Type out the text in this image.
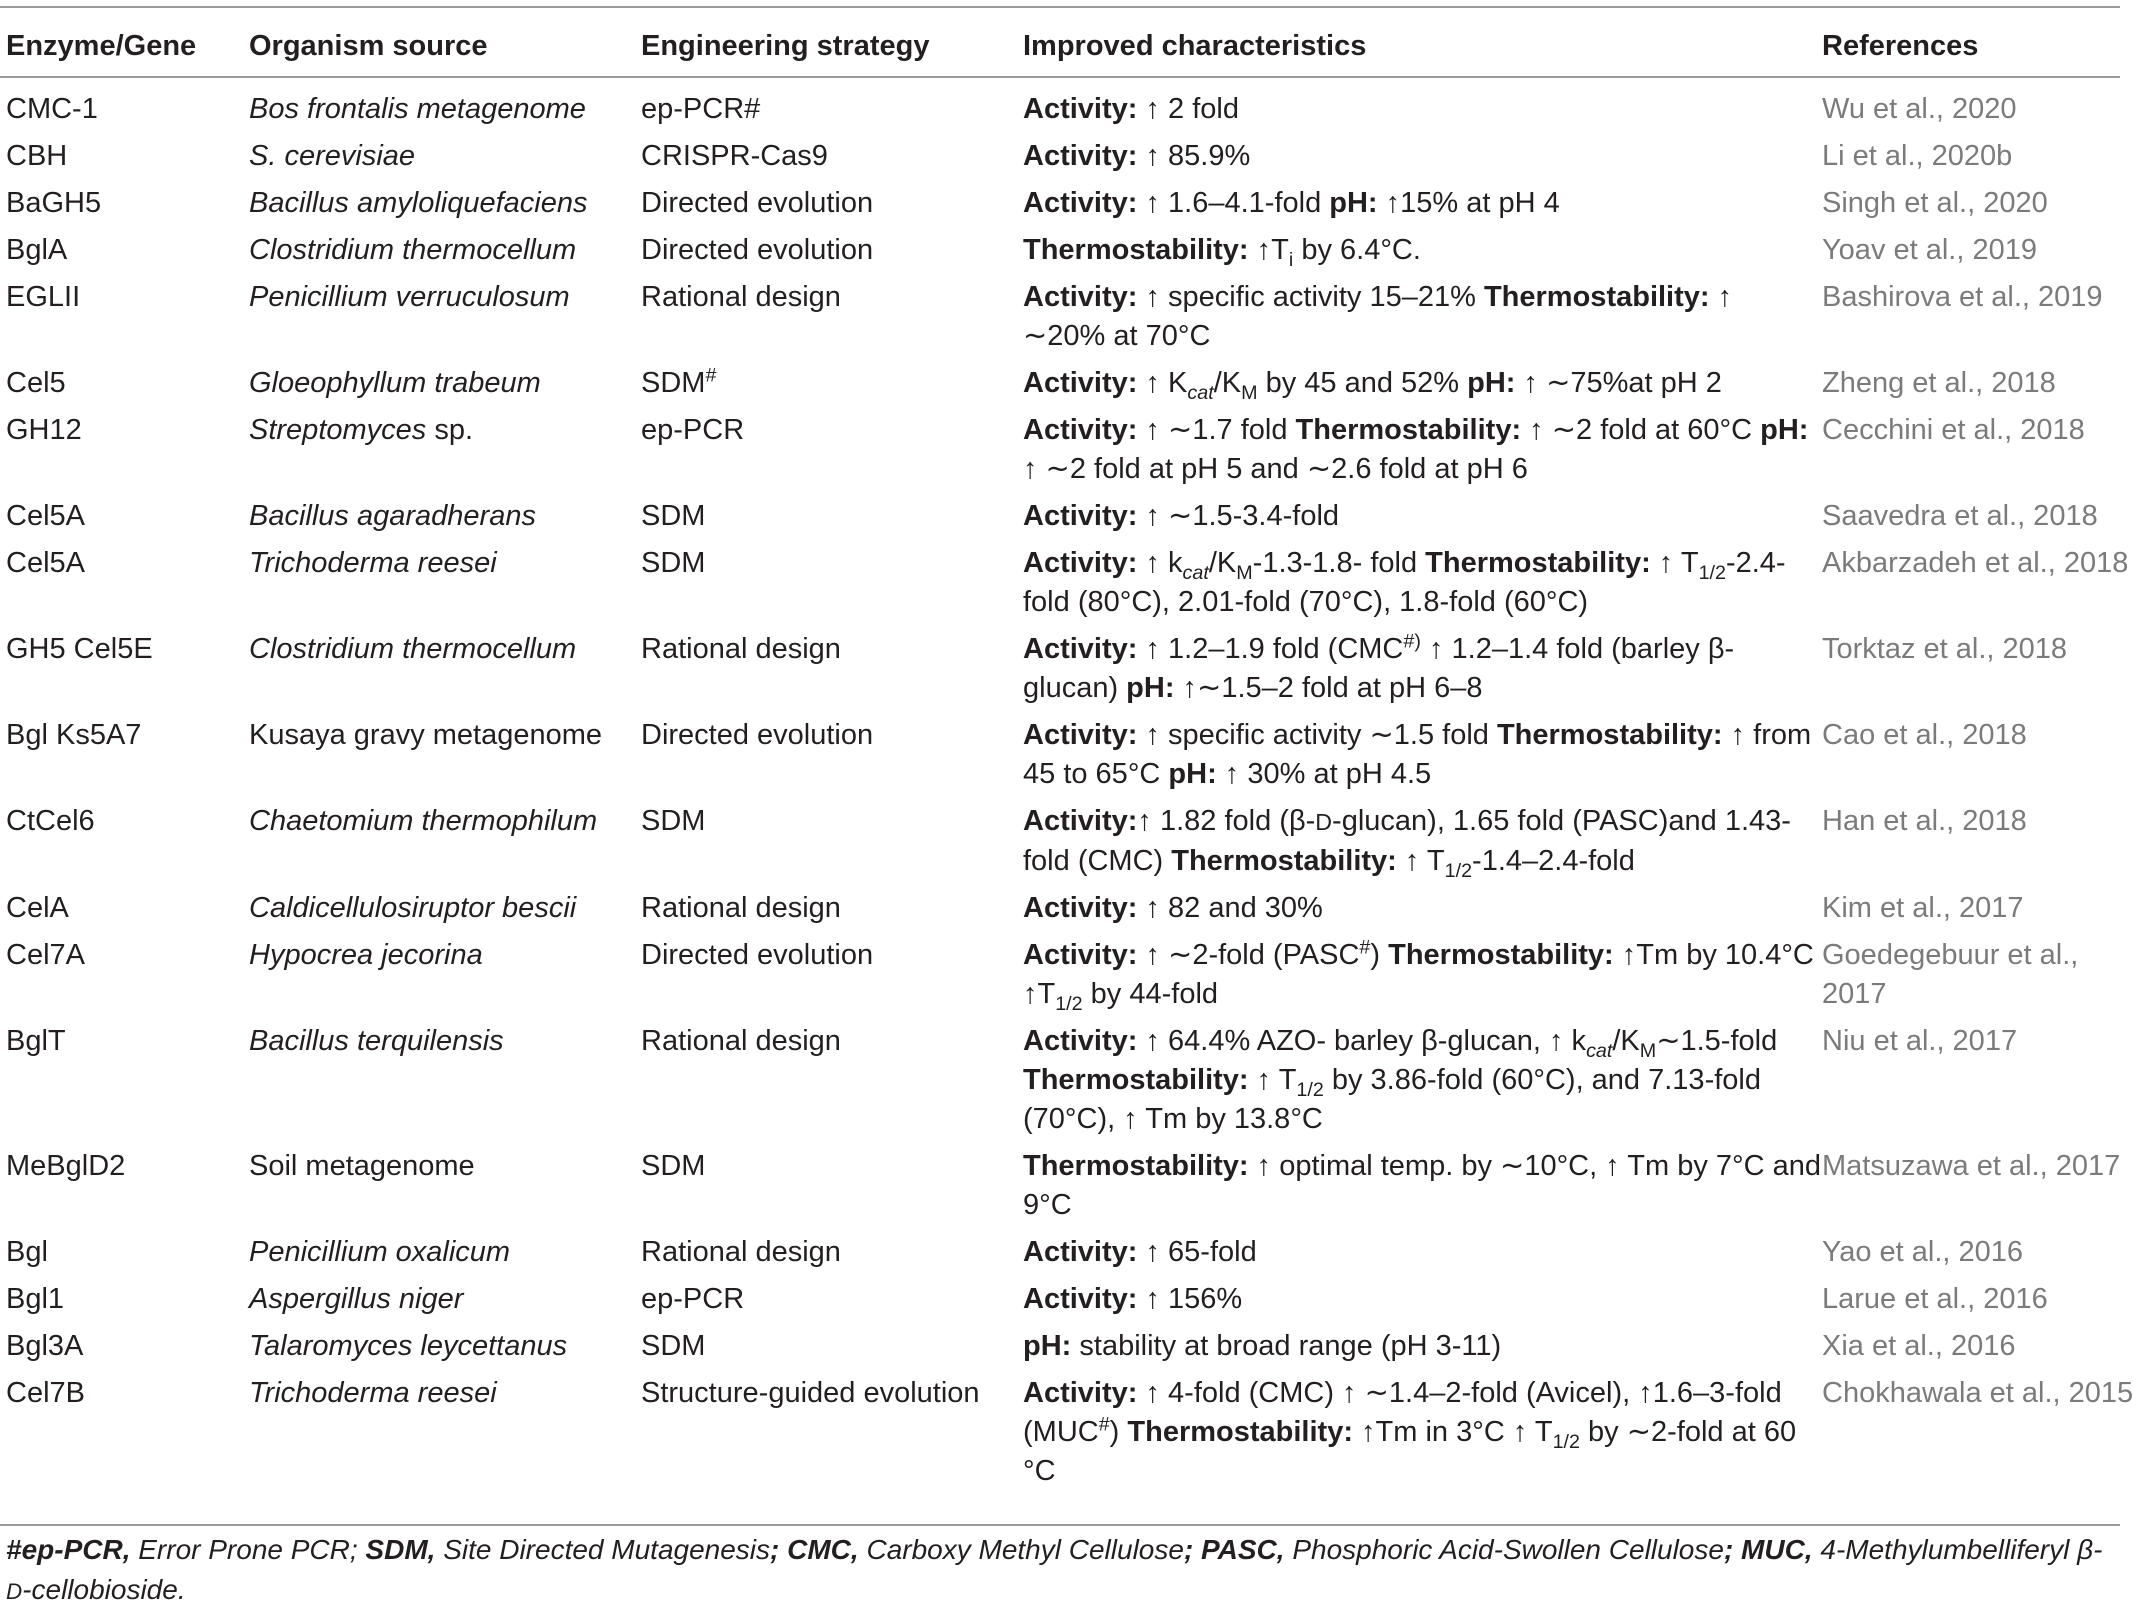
Enzyme/Gene	Organism source	Engineering strategy	Improved characteristics	References
CMC-1	Bos frontalis metagenome	ep-PCR#	Activity: ↑ 2 fold	Wu et al., 2020
CBH	S. cerevisiae	CRISPR-Cas9	Activity: ↑ 85.9%	Li et al., 2020b
BaGH5	Bacillus amyloliquefaciens	Directed evolution	Activity: ↑ 1.6–4.1-fold pH: ↑15% at pH 4	Singh et al., 2020
BglA	Clostridium thermocellum	Directed evolution	Thermostability: $↑T_i$ by 6.4°C.	Yoav et al., 2019
EGLII	Penicillium verruculosum	Rational design	Activity: ↑ specific activity 15–21% Thermostability: ↑ ∼20% at 70°C	Bashirova et al., 2019
Cel5	Gloeophyllum trabeum	SDM#	Activity: ↑ $K_{cat}/K_M$ by 45 and 52% pH: ↑ ∼75%at pH 2	Zheng et al., 2018
GH12	Streptomyces sp.	ep-PCR	Activity: ↑ ∼1.7 fold Thermostability: ↑ ∼2 fold at 60°C pH: ↑ ∼2 fold at pH 5 and ∼2.6 fold at pH 6	Cecchini et al., 2018
Cel5A	Bacillus agaradherans	SDM	Activity: ↑ ∼1.5-3.4-fold	Saavedra et al., 2018
Cel5A	Trichoderma reesei	SDM	Activity: ↑ $k_{cat}/K_M-1.3-1.8-$ fold Thermostability: ↑ $T_{1/2}-2.4$-fold (80°C), 2.01-fold (70°C), 1.8-fold (60°C)	Akbarzadeh et al., 2018
GH5 Cel5E	Clostridium thermocellum	Rational design	Activity: ↑ 1.2–1.9 fold (CMC#) ↑ 1.2–1.4 fold (barley β-glucan) pH: ↑∼1.5–2 fold at pH 6–8	Torktaz et al., 2018
Bgl Ks5A7	Kusaya gravy metagenome	Directed evolution	Activity: ↑ specific activity ∼1.5 fold Thermostability: ↑ from 45 to 65°C pH: ↑ 30% at pH 4.5	Cao et al., 2018
CtCel6	Chaetomium thermophilum	SDM	Activity:↑ 1.82 fold (β-D-glucan), 1.65 fold (PASC)and 1.43-fold (CMC) Thermostability: ↑ $T_{1/2}-1.4-2.4$-fold	Han et al., 2018
CelA	Caldicellulosiruptor bescii	Rational design	Activity: ↑ 82 and 30%	Kim et al., 2017
Cel7A	Hypocrea jecorina	Directed evolution	Activity: ↑ ∼2-fold (PASC#) Thermostability: ↑Tm by 10.4°C $↑T_{1/2}$ by 44-fold	Goedegebuur et al., 2017
BglT	Bacillus terquilensis	Rational design	Activity: ↑ 64.4% AZO- barley β-glucan, ↑ $k_{cat}/K_M\sim 1.5$-fold Thermostability: ↑ $T_{1/2}$ by 3.86-fold (60°C), and 7.13-fold (70°C), ↑ Tm by 13.8°C	Niu et al., 2017
MeBglD2	Soil metagenome	SDM	Thermostability: ↑ optimal temp. by ∼10°C, ↑ Tm by 7°C and 9°C	Matsuzawa et al., 2017
Bgl	Penicillium oxalicum	Rational design	Activity: ↑ 65-fold	Yao et al., 2016
Bgl1	Aspergillus niger	ep-PCR	Activity: ↑ 156%	Larue et al., 2016
Bgl3A	Talaromyces leycettanus	SDM	pH: stability at broad range (pH 3-11)	Xia et al., 2016
Cel7B	Trichoderma reesei	Structure-guided evolution	Activity: ↑ 4-fold (CMC) ↑ ∼1.4–2-fold (Avicel), ↑1.6–3-fold (MUC#) Thermostability: ↑Tm in 3°C ↑ $T_{1/2}$ by ∼2-fold at 60 °C	Chokhawala et al., 2015
#ep-PCR, Error Prone PCR; SDM, Site Directed Mutagenesis; CMC, Carboxy Methyl Cellulose; PASC, Phosphoric Acid-Swollen Cellulose; MUC, 4-Methylumbelliferyl β-D-cellobioside.
